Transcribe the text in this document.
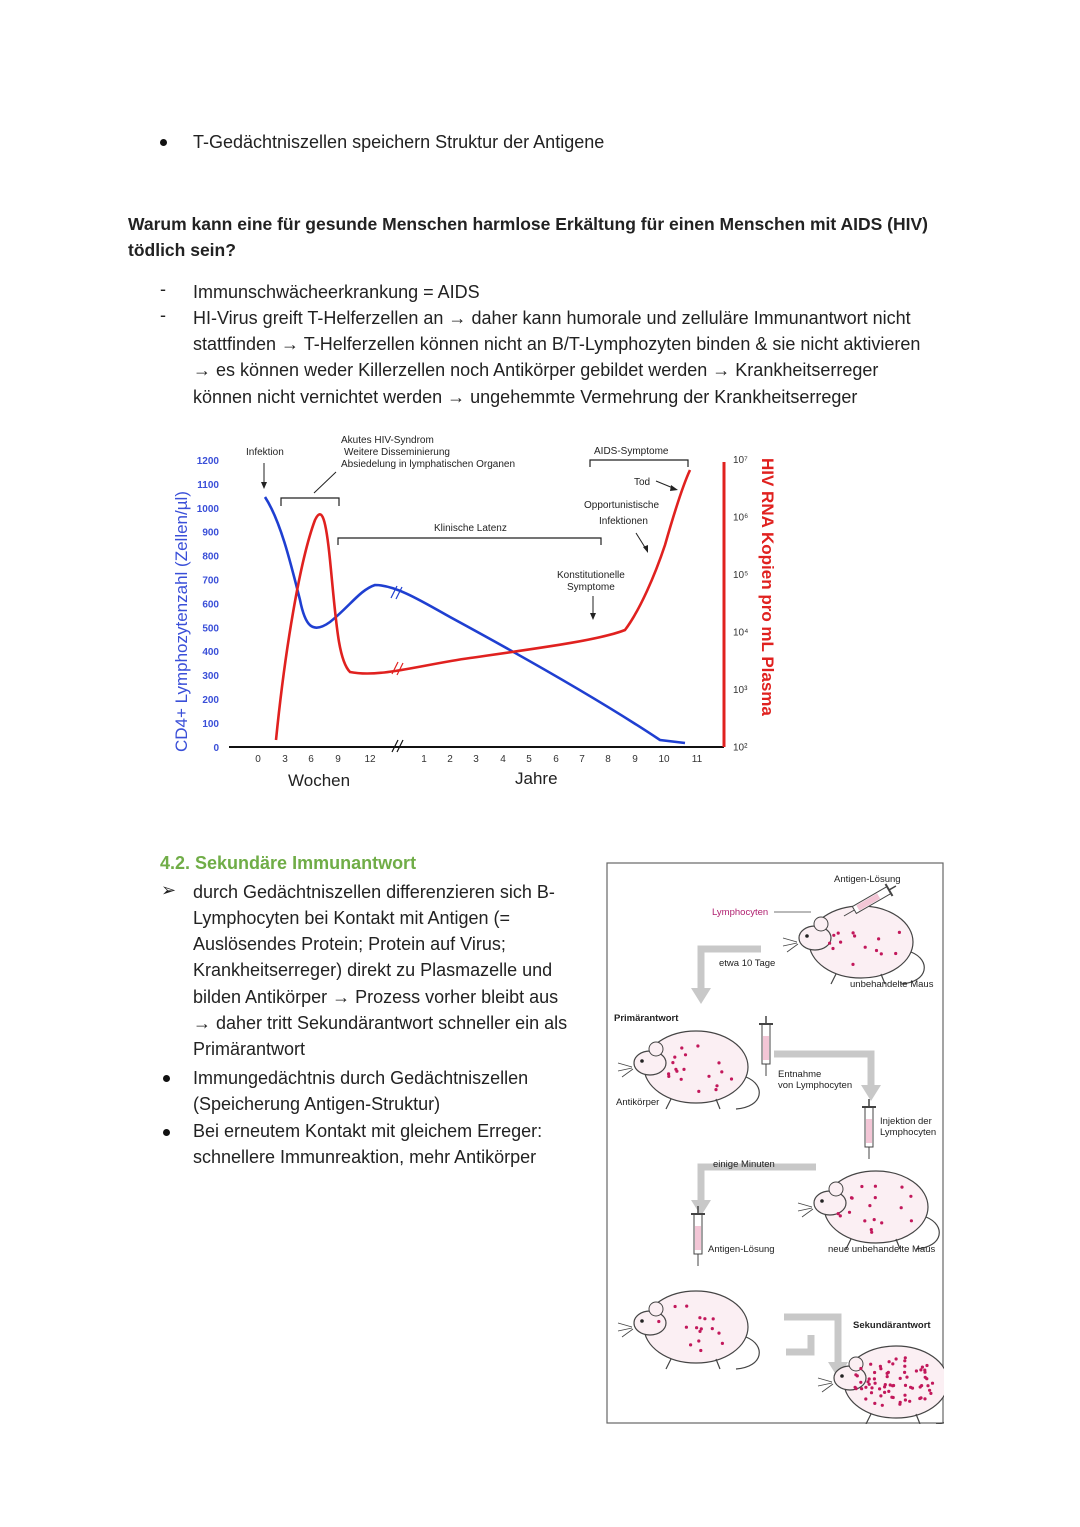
T-Gedächtniszellen speichern Struktur der Antigene
Warum kann eine für gesunde Menschen harmlose Erkältung für einen Menschen mit AIDS (HIV)
tödlich sein?
- Immunschwächeerkrankung = AIDS
- HI-Virus greift T-Helferzellen an → daher kann humorale und zelluläre Immunantwort nicht
stattfinden → T-Helferzellen können nicht an B/T-Lymphozyten binden & sie nicht aktivieren
→ es können weder Killerzellen noch Antikörper gebildet werden → Krankheitserreger
können nicht vernichtet werden → ungehemmte Vermehrung der Krankheitserreger
CD4+ Lymphozytenzahl (Zellen/µl)	HIV RNA Kopien pro mL Plasma
1200
1100
1000
900
800
700
600
500
400
300
200
100
0
10⁷
10⁶
10⁵
10⁴
10³
10²
0 3 6 9 12	1 2 3 4 5 6 7 8 9 10 11
Wochen	Jahre
Infektion
Akutes HIV-Syndrom
Weitere Disseminierung
Absiedelung in lymphatischen Organen
Klinische Latenz
AIDS-Symptome
Tod
Opportunistische
Infektionen
Konstitutionelle
Symptome
4.2. Sekundäre Immunantwort
➢ durch Gedächtniszellen differenzieren sich B-
Lymphocyten bei Kontakt mit Antigen (=
Auslösendes Protein; Protein auf Virus;
Krankheitserreger) direkt zu Plasmazelle und
bilden Antikörper → Prozess vorher bleibt aus
→ daher tritt Sekundärantwort schneller ein als
Primärantwort
Immungedächtnis durch Gedächtniszellen
(Speicherung Antigen-Struktur)
Bei erneutem Kontakt mit gleichem Erreger:
schnellere Immunreaktion, mehr Antikörper
Antigen-Lösung
Lymphocyten
etwa 10 Tage
unbehandelte Maus
Primärantwort
Antikörper
Entnahme
von Lymphocyten
Injektion der
Lymphocyten
einige Minuten
neue unbehandelte Maus
Antigen-Lösung
Sekundärantwort
